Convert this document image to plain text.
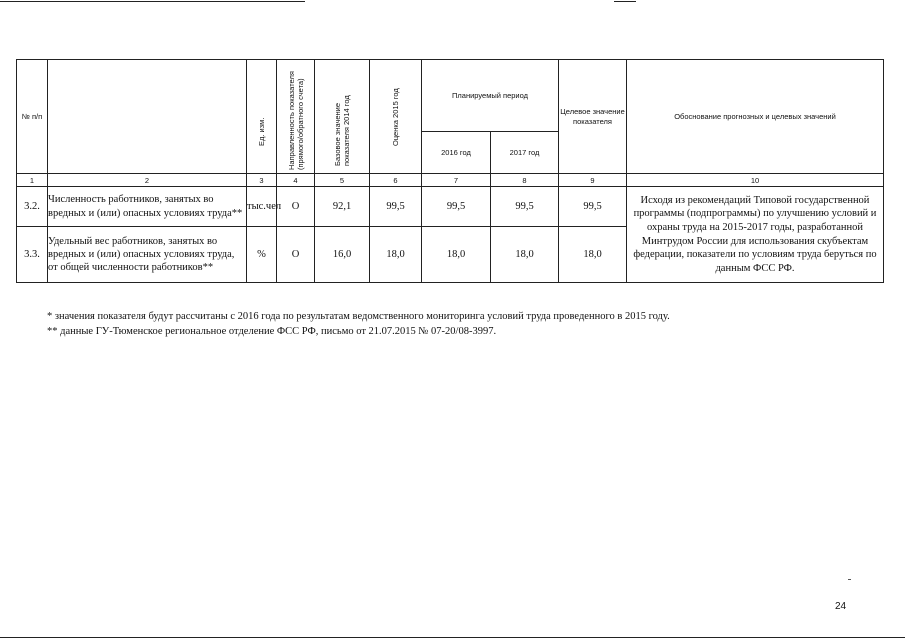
№ п/п		Ед. изм.	Направленность показателя (прямого/обратного счета)	Базовое значение показателя 2014 год	Оценка 2015 год	Планируемый период		Целевое значение показателя	Обоснование прогнозных и целевых значений
						2016 год	2017 год		
1	2	3	4	5	6	7	8	9	10
3.2.	Численность работников, занятых во вредных и (или) опасных условиях труда**	тыс.чел	О	92,1	99,5	99,5	99,5	99,5	Исходя из рекомендаций Типовой государственной программы (подпрограммы) по улучшению условий и охраны труда на 2015-2017 годы, разработанной Минтрудом России для использования скубъектам федерации, показатели по условиям труда беруться по данным ФСС РФ.
3.3.	Удельный вес работников, занятых во вредных и (или) опасных условиях труда, от общей численности работников**	%	О	16,0	18,0	18,0	18,0	18,0	
* значения показателя будут рассчитаны с 2016 года по результатам ведомственного мониторинга условий труда проведенного в 2015 году.
** данные ГУ-Тюменское региональное отделение ФСС РФ, письмо от 21.07.2015 № 07-20/08-3997.
24
